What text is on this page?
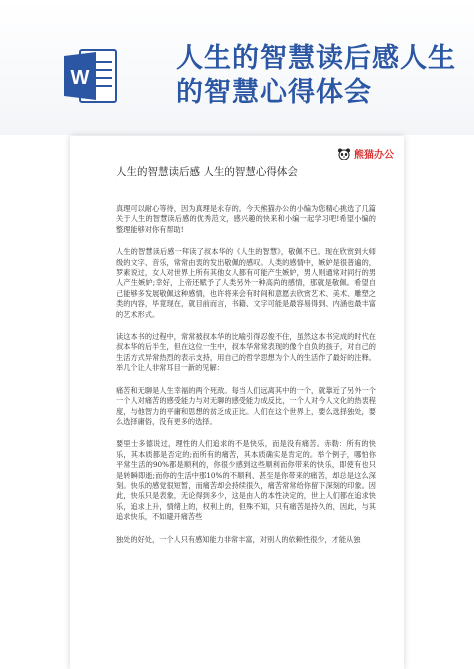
W
人生的智慧读后感人生的智慧心得体会
熊猫办公
人生的智慧读后感 人生的智慧心得体会

真理可以耐心等待，因为真理是永存的。今天熊猫办公的小编为您精心挑选了几篇关于人生的智慧读后感的优秀范文，感兴趣的快来和小编一起学习吧!希望小编的整理能够对你有帮助!

人生的智慧读后感一拜读了叔本华的《人生的智慧》，敬佩不已。现在欣赏到大师级的文字、音乐，常常由衷的发出敬佩的感叹。人类的感情中，嫉妒是很普遍的，罗素说过，女人对世界上所有其他女人都有可能产生嫉妒，男人则通常对同行的男人产生嫉妒;幸好，上帝还赋予了人类另外一种高尚的感情，那就是敬佩。希望自己能够多发展敬佩这种感情，也许将来会有时间和意愿去欣赏艺术、美术、雕塑之类的内容，毕竟现在，就目前而言，书籍、文字可能是最容易得到、内涵也最丰富的艺术形式。

读这本书的过程中，常常被叔本华的比喻引得忍俊不住，虽然这本书完成的时代在叔本华的后半生，但在这位一生中，叔本华常常表现的像个自负的孩子，对自己的生活方式异常热烈的表示支持，用自己的哲学思想为个人的生活作了最好的注释。举几个让人非常耳目一新的见解：

痛苦和无聊是人生幸福的两个死敌。每当人们远离其中的一个，就靠近了另外一个一个人对痛苦的感受能力与对无聊的感受能力成反比，一个人对今人文化的热衷程度，与他智力的平庸和思想的贫乏成正比。人们在这个世界上，要么选择独处，要么选择庸俗，没有更多的选择。

要里士多德说过，理性的人们追求的不是快乐，而是没有痛苦。赤勒：所有的快乐，其本质都是否定的;而所有的痛苦，其本质确实是肯定的。举个例子，哪怕你平常生活的90%都是顺利的，你很少感到这些顺利而你带来的快乐，即使有也只是转瞬即逝;而你的生活中那10%的不顺利、甚至是你带来的痛苦，却总是这么深刻。快乐的感觉很短暂，而痛苦却会持续很久，痛苦常常给你留下深刻的印象。因此，快乐只是表象，无论得到多少，这是由人的本性决定的，世上人们都在追求快乐，追求上升，情绪上的，权利上的，但殊不知，只有痛苦是持久的，因此，与其追求快乐，不如避开痛苦些

独处的好处，一个人只有感知能力非常丰富，对别人的依赖性很少，才能从独
